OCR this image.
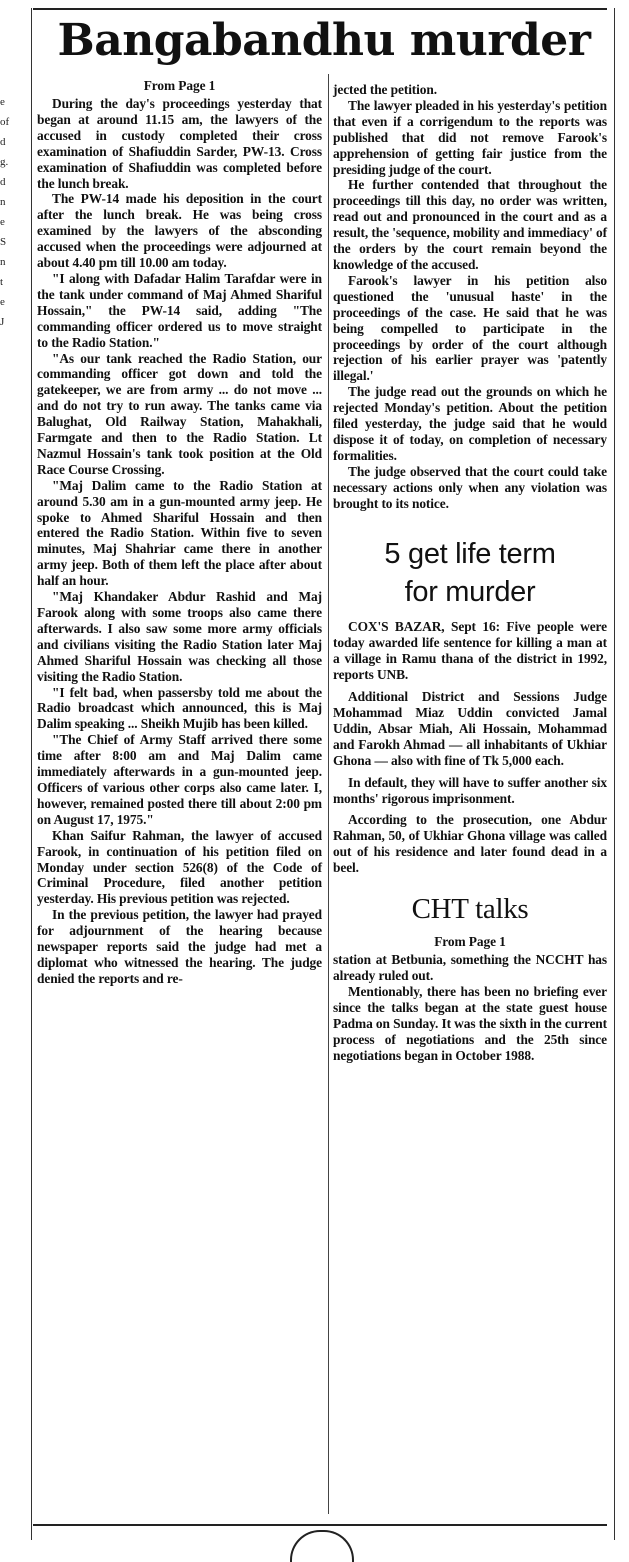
e
of
d
g.
d
n
e
S
n
t
e
J
Bangabandhu murder
From Page 1

During the day's proceedings yesterday that began at around 11.15 am, the lawyers of the accused in custody completed their cross examination of Shafiuddin Sarder, PW-13. Cross examination of Shafiuddin was completed before the lunch break.

The PW-14 made his deposition in the court after the lunch break. He was being cross examined by the lawyers of the absconding accused when the proceedings were adjourned at about 4.40 pm till 10.00 am today.

"I along with Dafadar Halim Tarafdar were in the tank under command of Maj Ahmed Shariful Hossain," the PW-14 said, adding "The commanding officer ordered us to move straight to the Radio Station."

"As our tank reached the Radio Station, our commanding officer got down and told the gatekeeper, we are from army ... do not move ... and do not try to run away. The tanks came via Balughat, Old Railway Station, Mahakhali, Farmgate and then to the Radio Station. Lt Nazmul Hossain's tank took position at the Old Race Course Crossing.

"Maj Dalim came to the Radio Station at around 5.30 am in a gun-mounted army jeep. He spoke to Ahmed Shariful Hossain and then entered the Radio Station. Within five to seven minutes, Maj Shahriar came there in another army jeep. Both of them left the place after about half an hour.

"Maj Khandaker Abdur Rashid and Maj Farook along with some troops also came there afterwards. I also saw some more army officials and civilians visiting the Radio Station later Maj Ahmed Shariful Hossain was checking all those visiting the Radio Station.

"I felt bad, when passersby told me about the Radio broadcast which announced, this is Maj Dalim speaking ... Sheikh Mujib has been killed.

"The Chief of Army Staff arrived there some time after 8:00 am and Maj Dalim came immediately afterwards in a gun-mounted jeep. Officers of various other corps also came later. I, however, remained posted there till about 2:00 pm on August 17, 1975."

Khan Saifur Rahman, the lawyer of accused Farook, in continuation of his petition filed on Monday under section 526(8) of the Code of Criminal Procedure, filed another petition yesterday. His previous petition was rejected.

In the previous petition, the lawyer had prayed for adjournment of the hearing because newspaper reports said the judge had met a diplomat who witnessed the hearing. The judge denied the reports and re-

jected the petition.

The lawyer pleaded in his yesterday's petition that even if a corrigendum to the reports was published that did not remove Farook's apprehension of getting fair justice from the presiding judge of the court.

He further contended that throughout the proceedings till this day, no order was written, read out and pronounced in the court and as a result, the 'sequence, mobility and immediacy' of the orders by the court remain beyond the knowledge of the accused.

Farook's lawyer in his petition also questioned the 'unusual haste' in the proceedings of the case. He said that he was being compelled to participate in the proceedings by order of the court although rejection of his earlier prayer was 'patently illegal.'

The judge read out the grounds on which he rejected Monday's petition. About the petition filed yesterday, the judge said that he would dispose it of today, on completion of necessary formalities.

The judge observed that the court could take necessary actions only when any violation was brought to its notice.

5 get life term
for murder

COX'S BAZAR, Sept 16: Five people were today awarded life sentence for killing a man at a village in Ramu thana of the district in 1992, reports UNB.

Additional District and Sessions Judge Mohammad Miaz Uddin convicted Jamal Uddin, Absar Miah, Ali Hossain, Mohammad and Farokh Ahmad — all inhabitants of Ukhiar Ghona — also with fine of Tk 5,000 each.

In default, they will have to suffer another six months' rigorous imprisonment.

According to the prosecution, one Abdur Rahman, 50, of Ukhiar Ghona village was called out of his residence and later found dead in a beel.

CHT talks
From Page 1

station at Betbunia, something the NCCHT has already ruled out.

Mentionably, there has been no briefing ever since the talks began at the state guest house Padma on Sunday. It was the sixth in the current process of negotiations and the 25th since negotiations began in October 1988.
